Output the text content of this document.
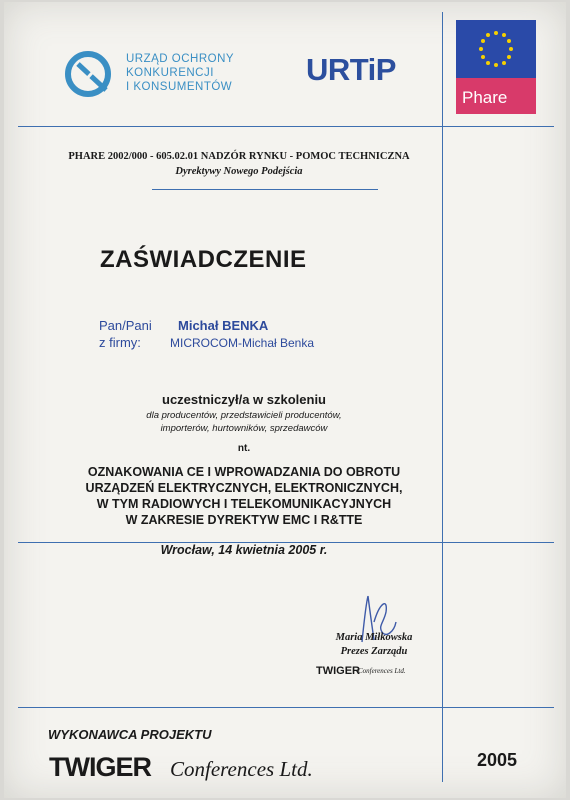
URZĄD OCHRONY
KONKURENCJI
I KONSUMENTÓW URTiP
Phare
PHARE 2002/000 - 605.02.01 NADZÓR RYNKU - POMOC TECHNICZNA
Dyrektywy Nowego Podejścia
ZAŚWIADCZENIE
Pan/Pani Michał BENKA
z firmy: MICROCOM-Michał Benka
uczestniczył/a w szkoleniu
dla producentów, przedstawicieli producentów,
importerów, hurtowników, sprzedawców
nt.
OZNAKOWANIA CE I WPROWADZANIA DO OBROTU
URZĄDZEŃ ELEKTRYCZNYCH, ELEKTRONICZNYCH,
W TYM RADIOWYCH I TELEKOMUNIKACYJNYCH
W ZAKRESIE DYREKTYW EMC I R&TTE
Wrocław, 14 kwietnia 2005 r.
Maria Miłkowska
Prezes Zarządu
TWIGER
Conferences Ltd.
WYKONAWCA PROJEKTU
TWIGER Conferences Ltd.	2005
